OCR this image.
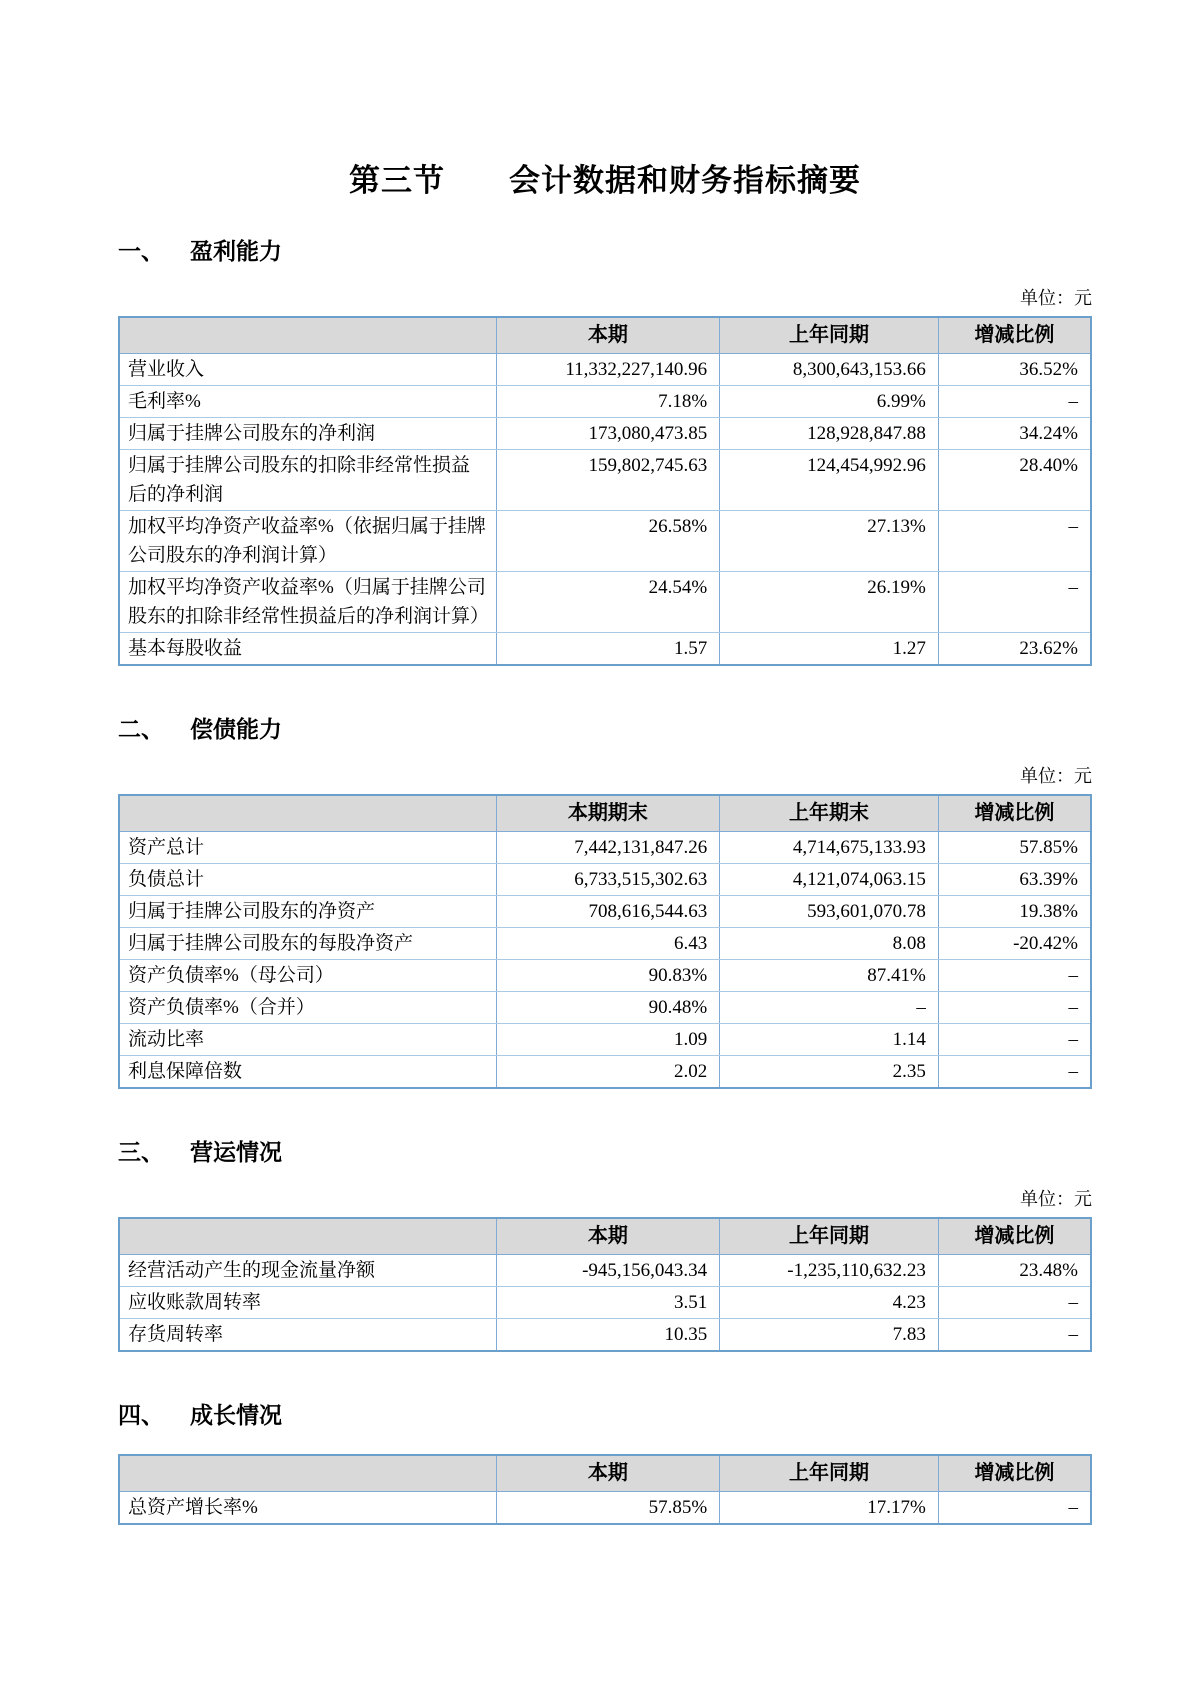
第三节　　会计数据和财务指标摘要
一、 盈利能力
单位：元
	本期	上年同期	增减比例
营业收入	11,332,227,140.96	8,300,643,153.66	36.52%
毛利率%	7.18%	6.99%	–
归属于挂牌公司股东的净利润	173,080,473.85	128,928,847.88	34.24%
归属于挂牌公司股东的扣除非经常性损益后的净利润	159,802,745.63	124,454,992.96	28.40%
加权平均净资产收益率%（依据归属于挂牌公司股东的净利润计算）	26.58%	27.13%	–
加权平均净资产收益率%（归属于挂牌公司股东的扣除非经常性损益后的净利润计算）	24.54%	26.19%	–
基本每股收益	1.57	1.27	23.62%
二、 偿债能力
单位：元
	本期期末	上年期末	增减比例
资产总计	7,442,131,847.26	4,714,675,133.93	57.85%
负债总计	6,733,515,302.63	4,121,074,063.15	63.39%
归属于挂牌公司股东的净资产	708,616,544.63	593,601,070.78	19.38%
归属于挂牌公司股东的每股净资产	6.43	8.08	-20.42%
资产负债率%（母公司）	90.83%	87.41%	–
资产负债率%（合并）	90.48%	–	–
流动比率	1.09	1.14	–
利息保障倍数	2.02	2.35	–
三、 营运情况
单位：元
	本期	上年同期	增减比例
经营活动产生的现金流量净额	-945,156,043.34	-1,235,110,632.23	23.48%
应收账款周转率	3.51	4.23	–
存货周转率	10.35	7.83	–
四、 成长情况
	本期	上年同期	增减比例
总资产增长率%	57.85%	17.17%	–
